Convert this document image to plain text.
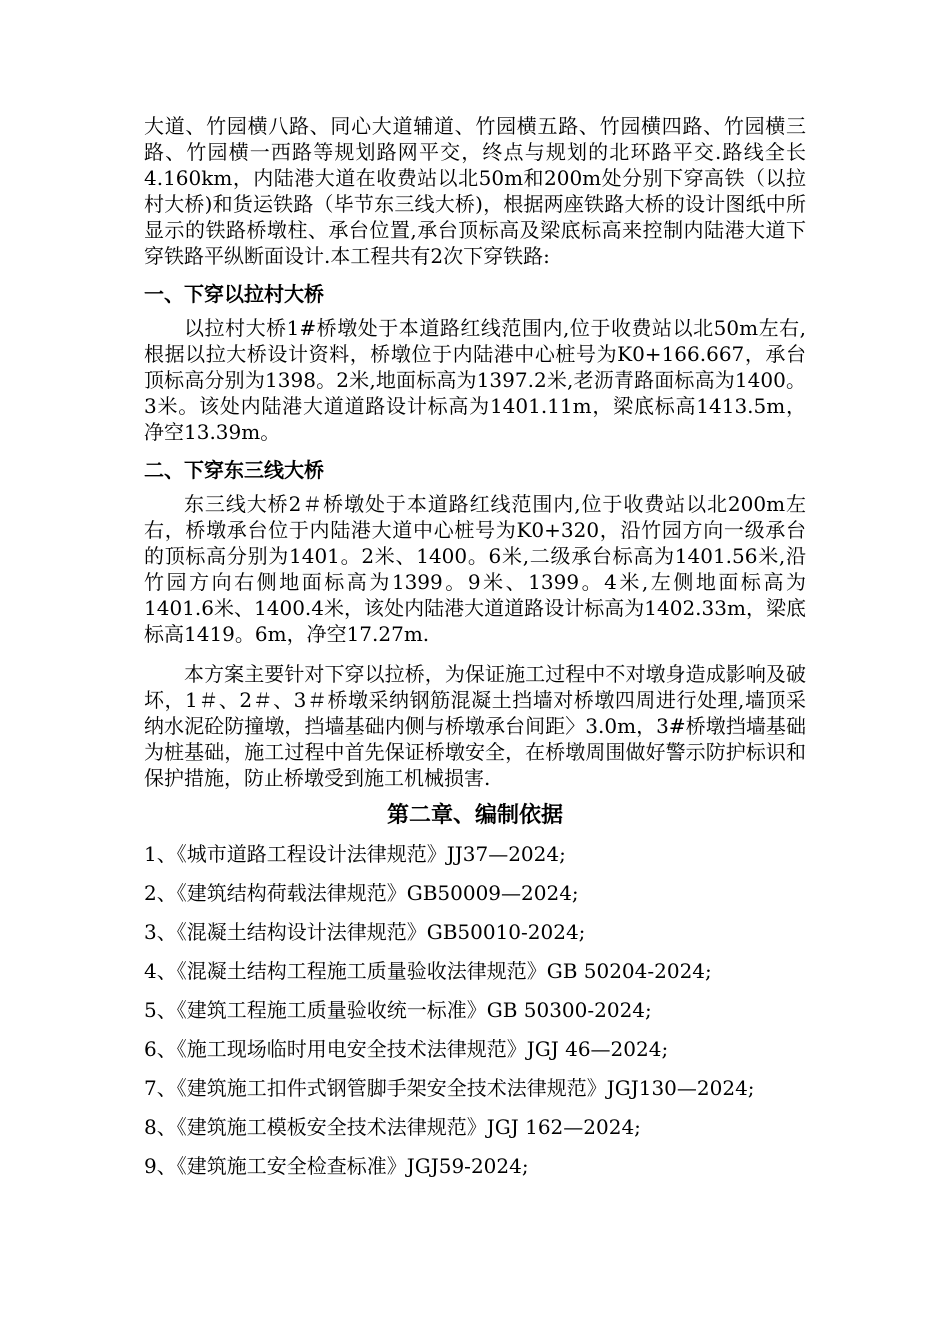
大道、竹园横八路、同心大道辅道、竹园横五路、竹园横四路、竹园横三路、竹园横一西路等规划路网平交，终点与规划的北环路平交.路线全长4.160km，内陆港大道在收费站以北50m和200m处分别下穿高铁（以拉村大桥)和货运铁路（毕节东三线大桥)，根据两座铁路大桥的设计图纸中所显示的铁路桥墩柱、承台位置,承台顶标高及梁底标高来控制内陆港大道下穿铁路平纵断面设计.本工程共有2次下穿铁路:

一、下穿以拉村大桥

以拉村大桥1#桥墩处于本道路红线范围内,位于收费站以北50m左右,根据以拉大桥设计资料，桥墩位于内陆港中心桩号为K0+166.667，承台顶标高分别为1398。2米,地面标高为1397.2米,老沥青路面标高为1400。3米。该处内陆港大道道路设计标高为1401.11m，梁底标高1413.5m，净空13.39m。

二、下穿东三线大桥

东三线大桥2＃桥墩处于本道路红线范围内,位于收费站以北200m左右，桥墩承台位于内陆港大道中心桩号为K0+320，沿竹园方向一级承台的顶标高分别为1401。2米、1400。6米,二级承台标高为1401.56米,沿竹园方向右侧地面标高为1399。9米、1399。4米,左侧地面标高为1401.6米、1400.4米，该处内陆港大道道路设计标高为1402.33m，梁底标高1419。6m，净空17.27m.

本方案主要针对下穿以拉桥，为保证施工过程中不对墩身造成影响及破坏，1＃、2＃、3＃桥墩采纳钢筋混凝土挡墙对桥墩四周进行处理,墙顶采纳水泥砼防撞墩，挡墙基础内侧与桥墩承台间距〉3.0m，3#桥墩挡墙基础为桩基础，施工过程中首先保证桥墩安全，在桥墩周围做好警示防护标识和保护措施，防止桥墩受到施工机械损害.

第二章、编制依据

1、《城市道路工程设计法律规范》JJ37—2024;

2、《建筑结构荷载法律规范》GB50009—2024;

3、《混凝土结构设计法律规范》GB50010-2024;

4、《混凝土结构工程施工质量验收法律规范》GB 50204-2024;

5、《建筑工程施工质量验收统一标准》GB 50300-2024;

6、《施工现场临时用电安全技术法律规范》JGJ 46—2024;

7、《建筑施工扣件式钢管脚手架安全技术法律规范》JGJ130—2024;

8、《建筑施工模板安全技术法律规范》JGJ 162—2024;

9、《建筑施工安全检查标准》JGJ59-2024;
